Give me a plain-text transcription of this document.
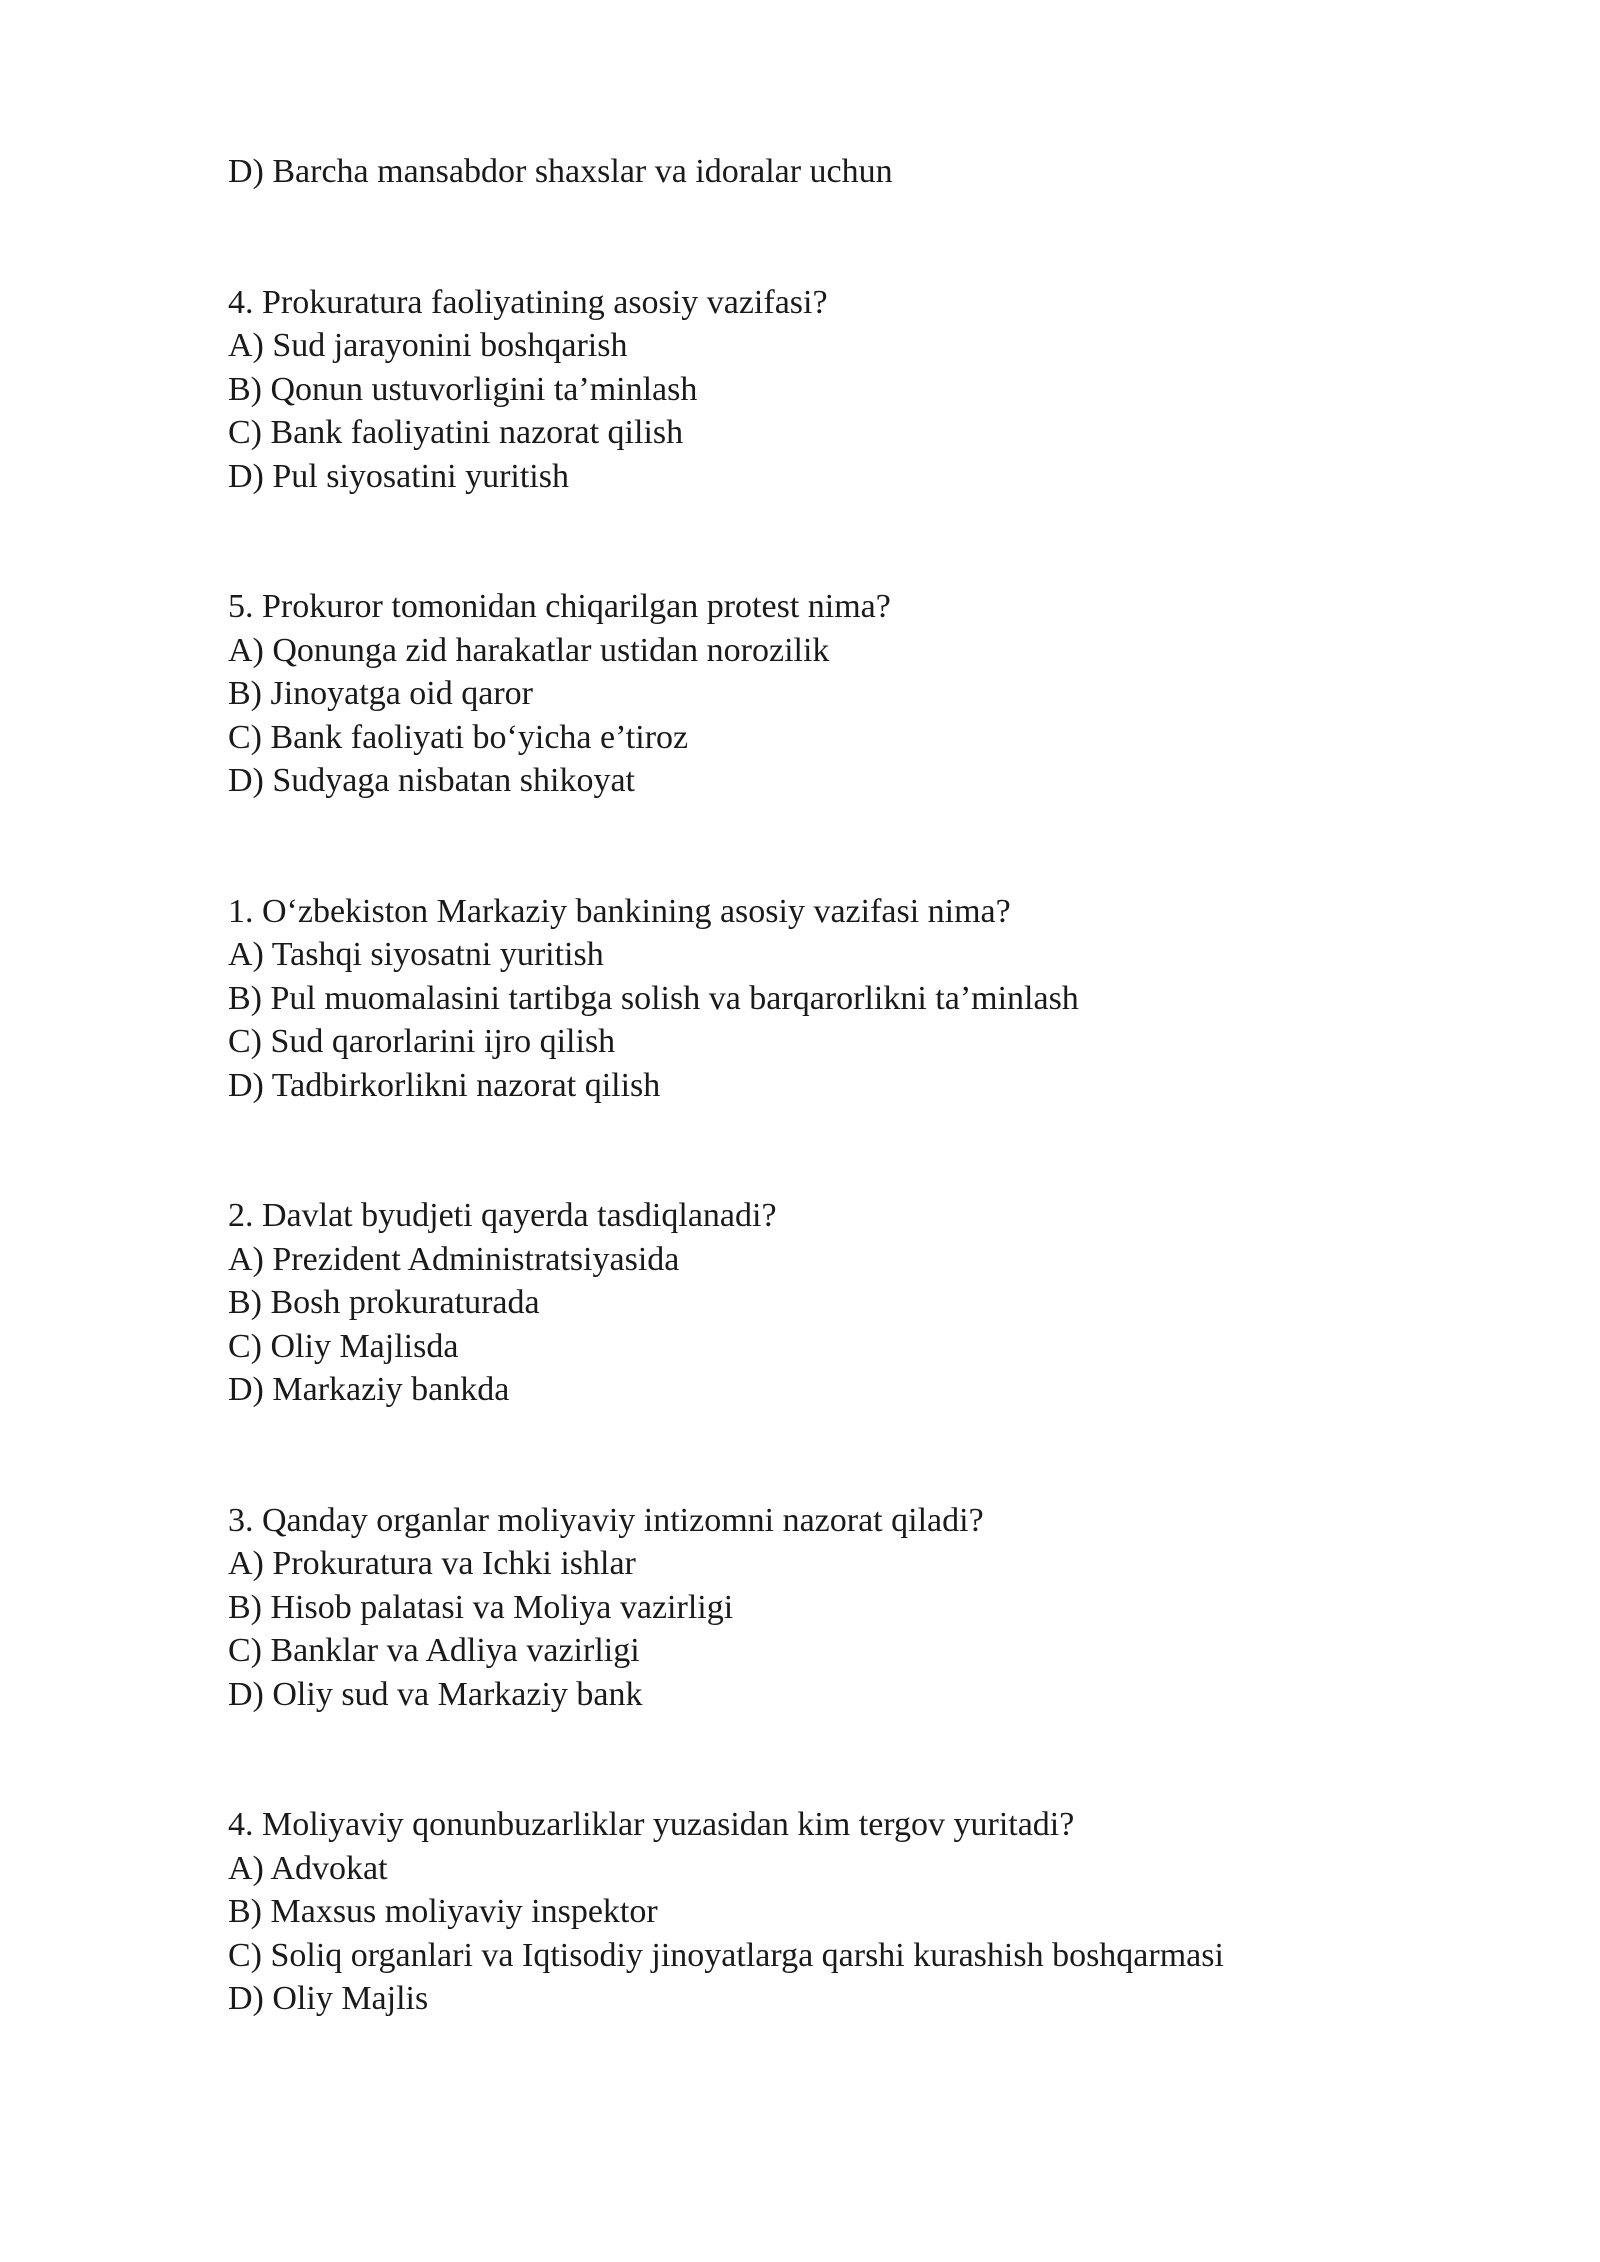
D) Barcha mansabdor shaxslar va idoralar uchun

4. Prokuratura faoliyatining asosiy vazifasi?

A) Sud jarayonini boshqarish

B) Qonun ustuvorligini ta’minlash

C) Bank faoliyatini nazorat qilish

D) Pul siyosatini yuritish

5. Prokuror tomonidan chiqarilgan protest nima?

A) Qonunga zid harakatlar ustidan norozilik

B) Jinoyatga oid qaror

C) Bank faoliyati bo‘yicha e’tiroz

D) Sudyaga nisbatan shikoyat

1. O‘zbekiston Markaziy bankining asosiy vazifasi nima?

A) Tashqi siyosatni yuritish

B) Pul muomalasini tartibga solish va barqarorlikni ta’minlash

C) Sud qarorlarini ijro qilish

D) Tadbirkorlikni nazorat qilish

2. Davlat byudjeti qayerda tasdiqlanadi?

A) Prezident Administratsiyasida

B) Bosh prokuraturada

C) Oliy Majlisda

D) Markaziy bankda

3. Qanday organlar moliyaviy intizomni nazorat qiladi?

A) Prokuratura va Ichki ishlar

B) Hisob palatasi va Moliya vazirligi

C) Banklar va Adliya vazirligi

D) Oliy sud va Markaziy bank

4. Moliyaviy qonunbuzarliklar yuzasidan kim tergov yuritadi?

A) Advokat

B) Maxsus moliyaviy inspektor

C) Soliq organlari va Iqtisodiy jinoyatlarga qarshi kurashish boshqarmasi

D) Oliy Majlis
